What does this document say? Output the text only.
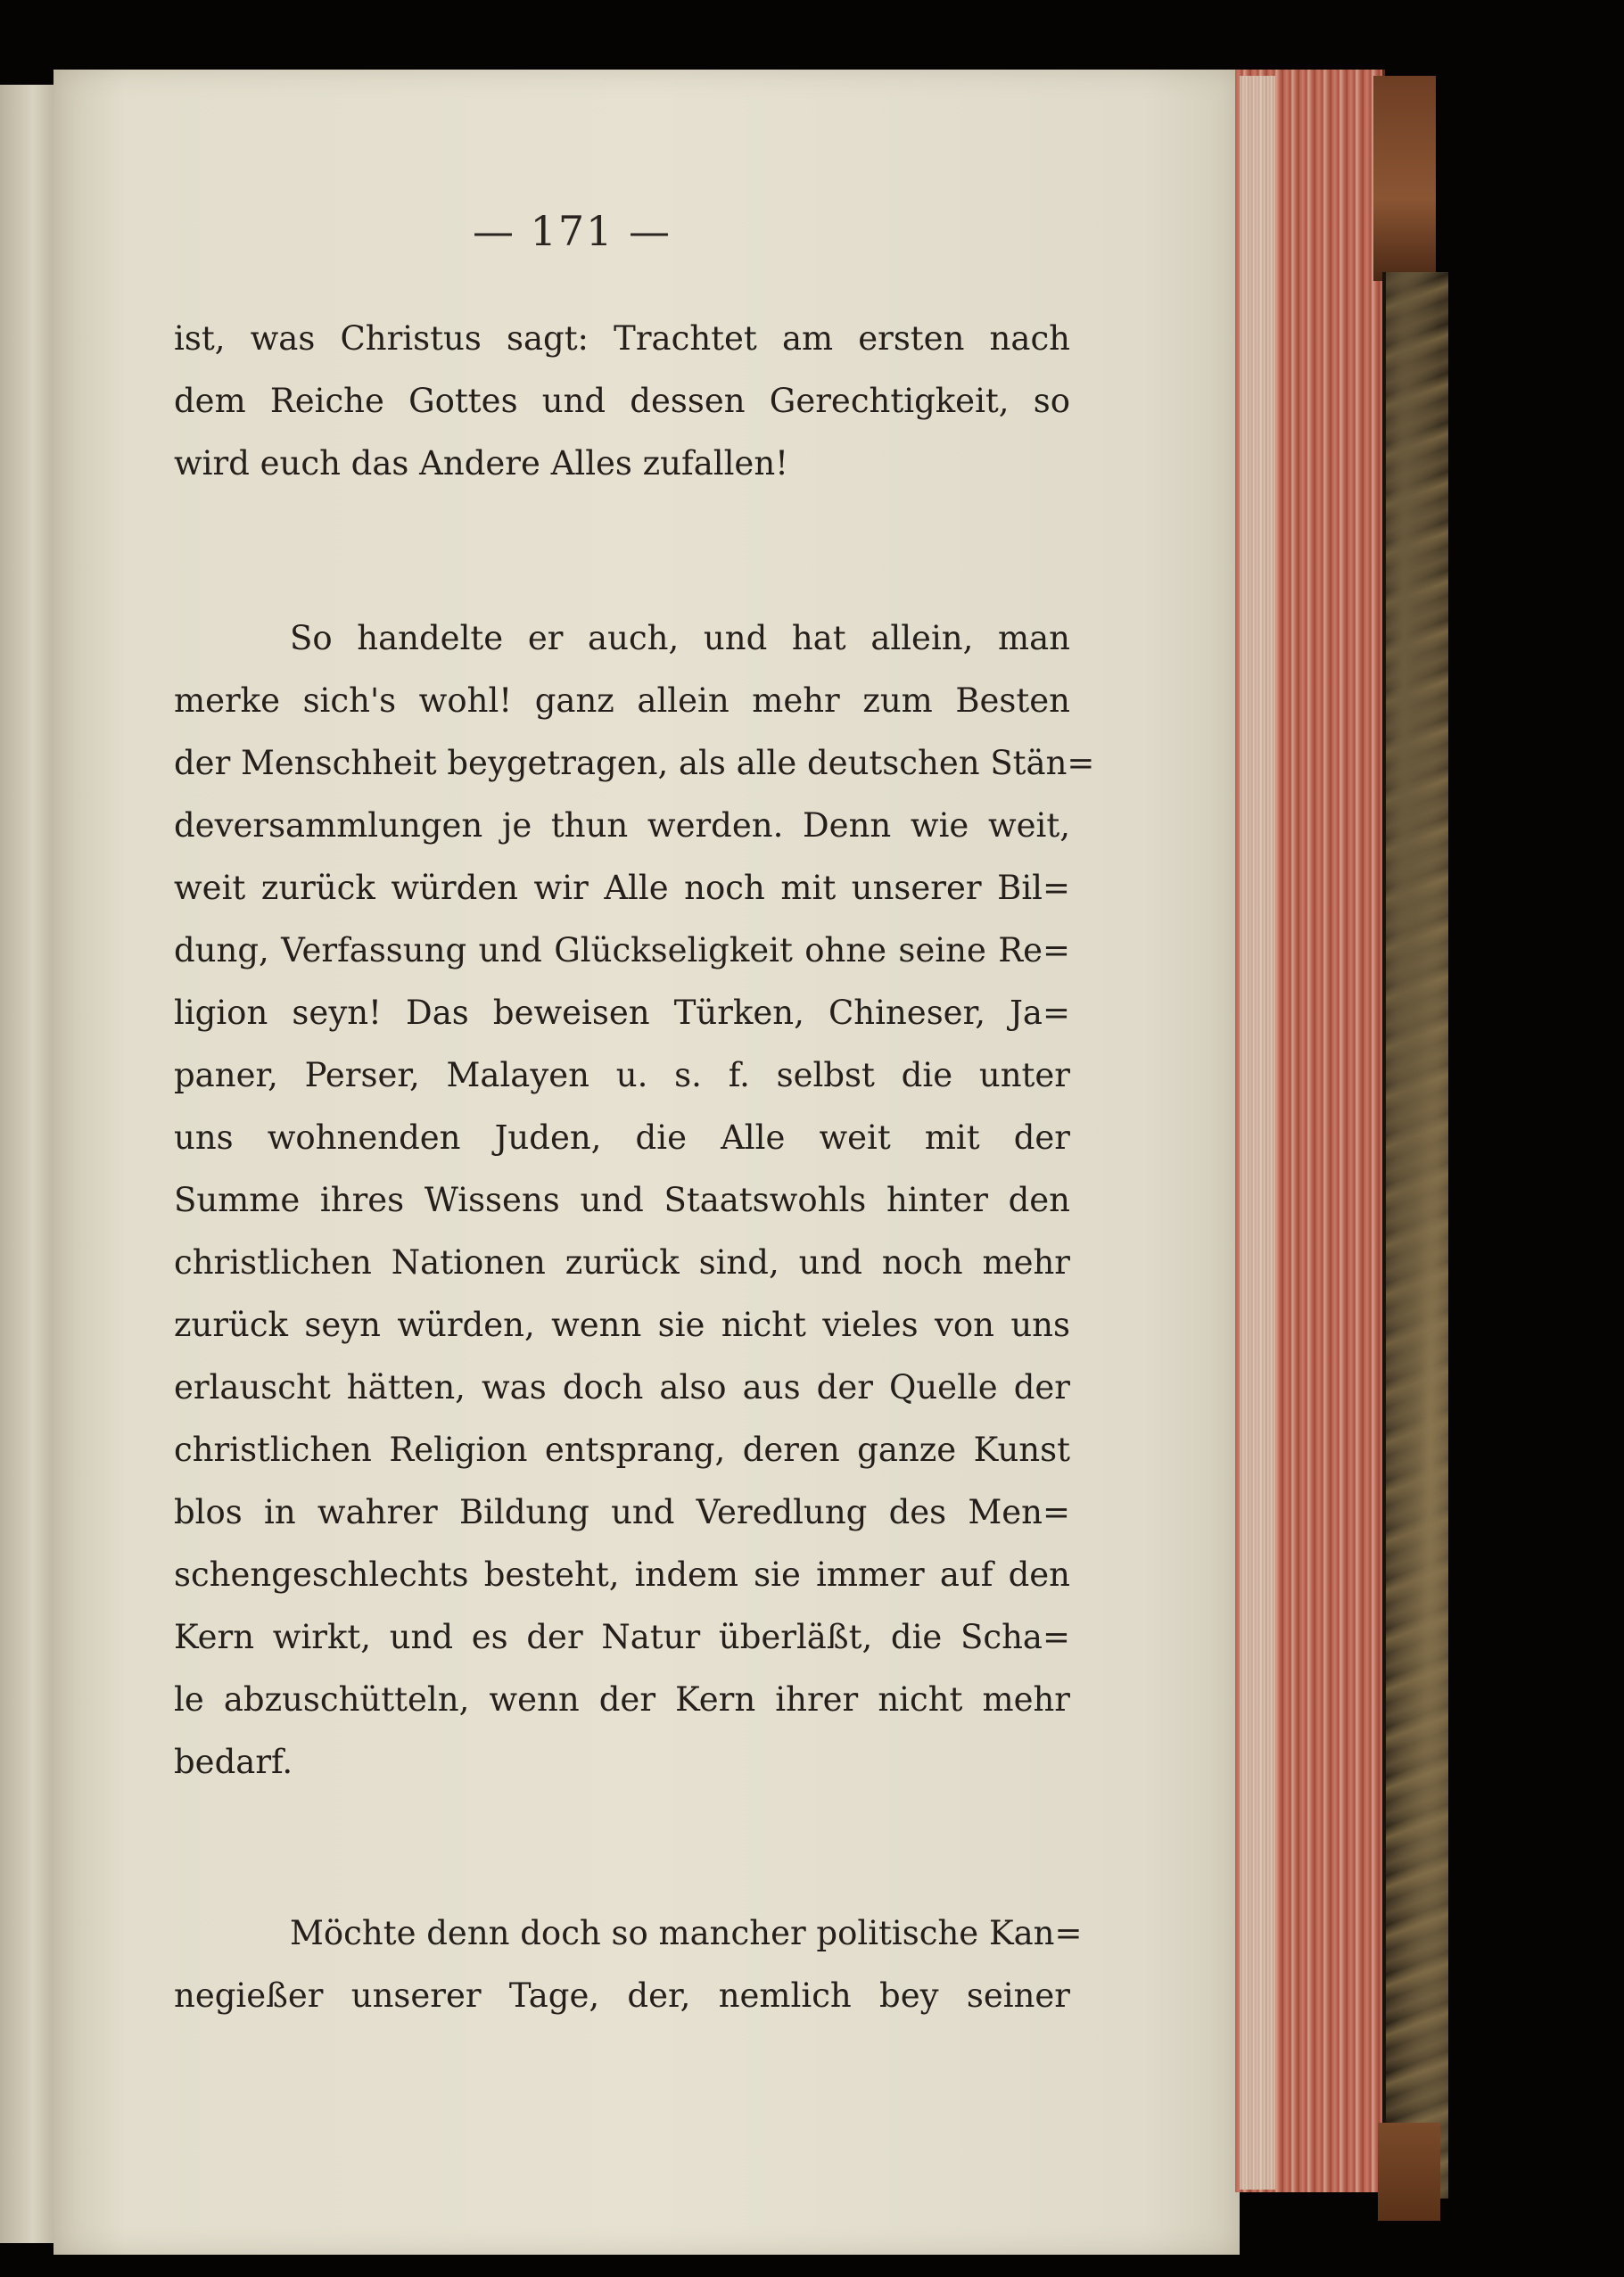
— 171 —
ist, was Christus sagt: Trachtet am ersten nach
dem Reiche Gottes und dessen Gerechtigkeit, so
wird euch das Andere Alles zufallen!
So handelte er auch, und hat allein, man
merke sich's wohl! ganz allein mehr zum Besten
der Menschheit beygetragen, als alle deutschen Stän=
deversammlungen je thun werden. Denn wie weit,
weit zurück würden wir Alle noch mit unserer Bil=
dung, Verfassung und Glückseligkeit ohne seine Re=
ligion seyn! Das beweisen Türken, Chineser, Ja=
paner, Perser, Malayen u. s. f. selbst die unter
uns wohnenden Juden, die Alle weit mit der
Summe ihres Wissens und Staatswohls hinter den
christlichen Nationen zurück sind, und noch mehr
zurück seyn würden, wenn sie nicht vieles von uns
erlauscht hätten, was doch also aus der Quelle der
christlichen Religion entsprang, deren ganze Kunst
blos in wahrer Bildung und Veredlung des Men=
schengeschlechts besteht, indem sie immer auf den
Kern wirkt, und es der Natur überläßt, die Scha=
le abzuschütteln, wenn der Kern ihrer nicht mehr
bedarf.
Möchte denn doch so mancher politische Kan=
negießer unserer Tage, der, nemlich bey seiner
